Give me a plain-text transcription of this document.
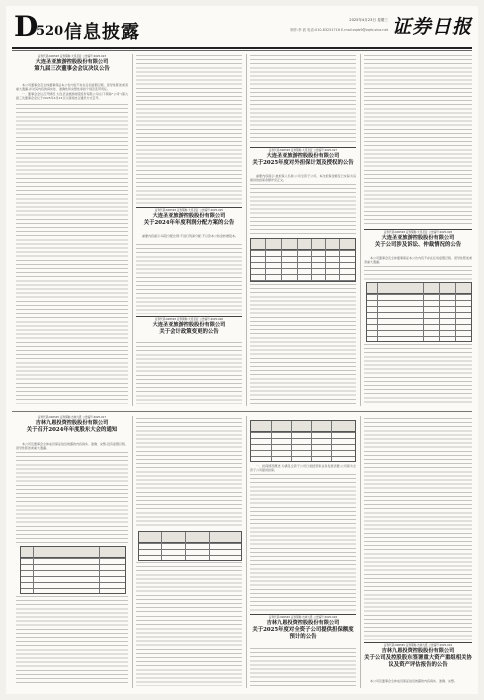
D
520 信息披露
2025年4月23日 星期三
制作:李 波 电话:010-83251716 E-mail:zqrb9@zqrb.sina.net 证券日报
证券代码:600593 证券简称:大连圣亚 公告编号:2025-023
大连圣亚旅游控股股份有限公司
第九届三次董事会会议决议公告

本公司董事会及全体董事保证本公告内容不存在任何虚假记载、误导性陈述或者重大遗漏,并对其内容的真实性、准确性和完整性承担个别及连带责任。

一、董事会会议召开情况 大连圣亚旅游控股股份有限公司(以下简称"公司")第九届三次董事会会议于2025年4月22日以现场结合通讯方式召开。

证券代码:600593 证券简称:大连圣亚 公告编号:2025-025
大连圣亚旅游控股股份有限公司
关于2024年年度利润分配方案的公告

重要内容提示:每股分配比例:不进行利润分配,不以资本公积金转增股本。

证券代码:600593 证券简称:大连圣亚 公告编号:2025-026
大连圣亚旅游控股股份有限公司
关于会计政策变更的公告
证券代码:600593 证券简称:大连圣亚 公告编号:2025-027
大连圣亚旅游控股股份有限公司
关于2025年度对外担保计划及授权的公告

重要内容提示:被担保人名称:公司全资子公司。本次担保金额及已实际为其提供的担保余额详见正文。

证券代码:600593 证券简称:大连圣亚 公告编号:2025-028
大连圣亚旅游控股股份有限公司
关于公司涉及诉讼、仲裁情况的公告

本公司董事会及全体董事保证本公告内容不存在任何虚假记载、误导性陈述或者重大遗漏。

证券代码:000545 证券简称:吉林九恩 公告编号:2025-017
吉林九恩投资控股股份有限公司
关于召开2024年年度股东大会的通知

本公司及董事会全体成员保证信息披露的内容真实、准确、完整,没有虚假记载、误导性陈述或重大遗漏。

证券代码:000545 证券简称:吉林九恩 公告编号:2025-018
吉林九恩投资控股股份有限公司
关于2025年度对全资子公司提供担保额度预计的公告

一、担保情况概述 为满足全资子公司日常经营和业务发展需要,公司拟为全资子公司提供担保。

证券代码:000545 证券简称:吉林九恩 公告编号:2025-019
吉林九恩投资控股股份有限公司
关于公司及控股股东签署重大资产重组相关协议及资产评估报告的公告

本公司及董事会全体成员保证信息披露的内容真实、准确、完整。
